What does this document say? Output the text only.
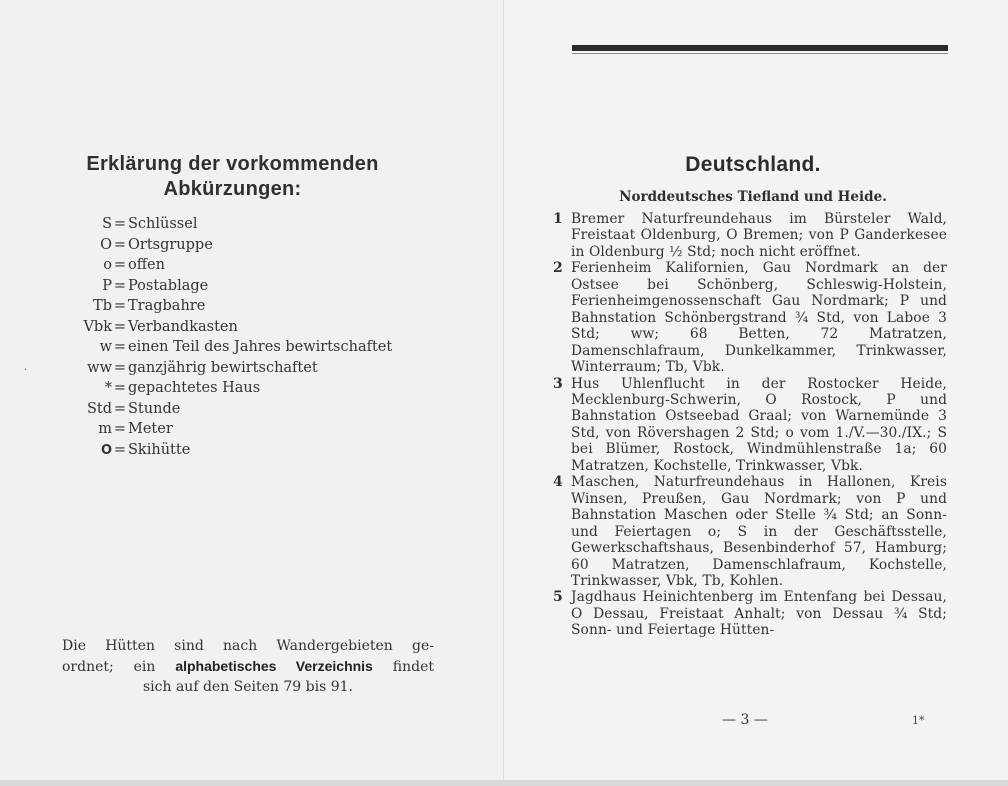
Erklärung der vorkommenden
Abkürzungen:
·
S = Schlüssel
O = Ortsgruppe
o = offen
P = Postablage
Tb = Tragbahre
Vbk = Verbandkasten
w = einen Teil des Jahres bewirtschaftet
ww = ganzjährig bewirtschaftet
* = gepachtetes Haus
Std = Stunde
m = Meter
O = Skihütte

Die Hütten sind nach Wandergebieten ge-

ordnet; ein alphabetisches Verzeichnis findet

sich auf den Seiten 79 bis 91.

Deutschland.
Norddeutsches Tiefland und Heide.
1 Bremer Naturfreundehaus im Bürsteler Wald, Freistaat Oldenburg, O Bremen; von P Ganderkesee in Oldenburg ½ Std; noch nicht eröffnet.
2 Ferienheim Kalifornien, Gau Nordmark an der Ostsee bei Schönberg, Schleswig-Holstein, Ferienheimgenossenschaft Gau Nordmark; P und Bahnstation Schönbergstrand ¾ Std, von Laboe 3 Std; ww; 68 Betten, 72 Matratzen, Damenschlafraum, Dunkelkammer, Trinkwasser, Winterraum; Tb, Vbk.
3 Hus Uhlenflucht in der Rostocker Heide, Mecklenburg-Schwerin, O Rostock, P und Bahnstation Ostseebad Graal; von Warnemünde 3 Std, von Rövershagen 2 Std; o vom 1./V.—30./IX.; S bei Blümer, Rostock, Windmühlenstraße 1a; 60 Matratzen, Kochstelle, Trinkwasser, Vbk.
4 Maschen, Naturfreundehaus in Hallonen, Kreis Winsen, Preußen, Gau Nordmark; von P und Bahnstation Maschen oder Stelle ¾ Std; an Sonn- und Feiertagen o; S in der Geschäftsstelle, Gewerkschaftshaus, Besenbinderhof 57, Hamburg; 60 Matratzen, Damenschlafraum, Kochstelle, Trinkwasser, Vbk, Tb, Kohlen.
5 Jagdhaus Heinichtenberg im Entenfang bei Dessau, O Dessau, Freistaat Anhalt; von Dessau ¾ Std; Sonn- und Feiertage Hütten-
— 3 —	1*
